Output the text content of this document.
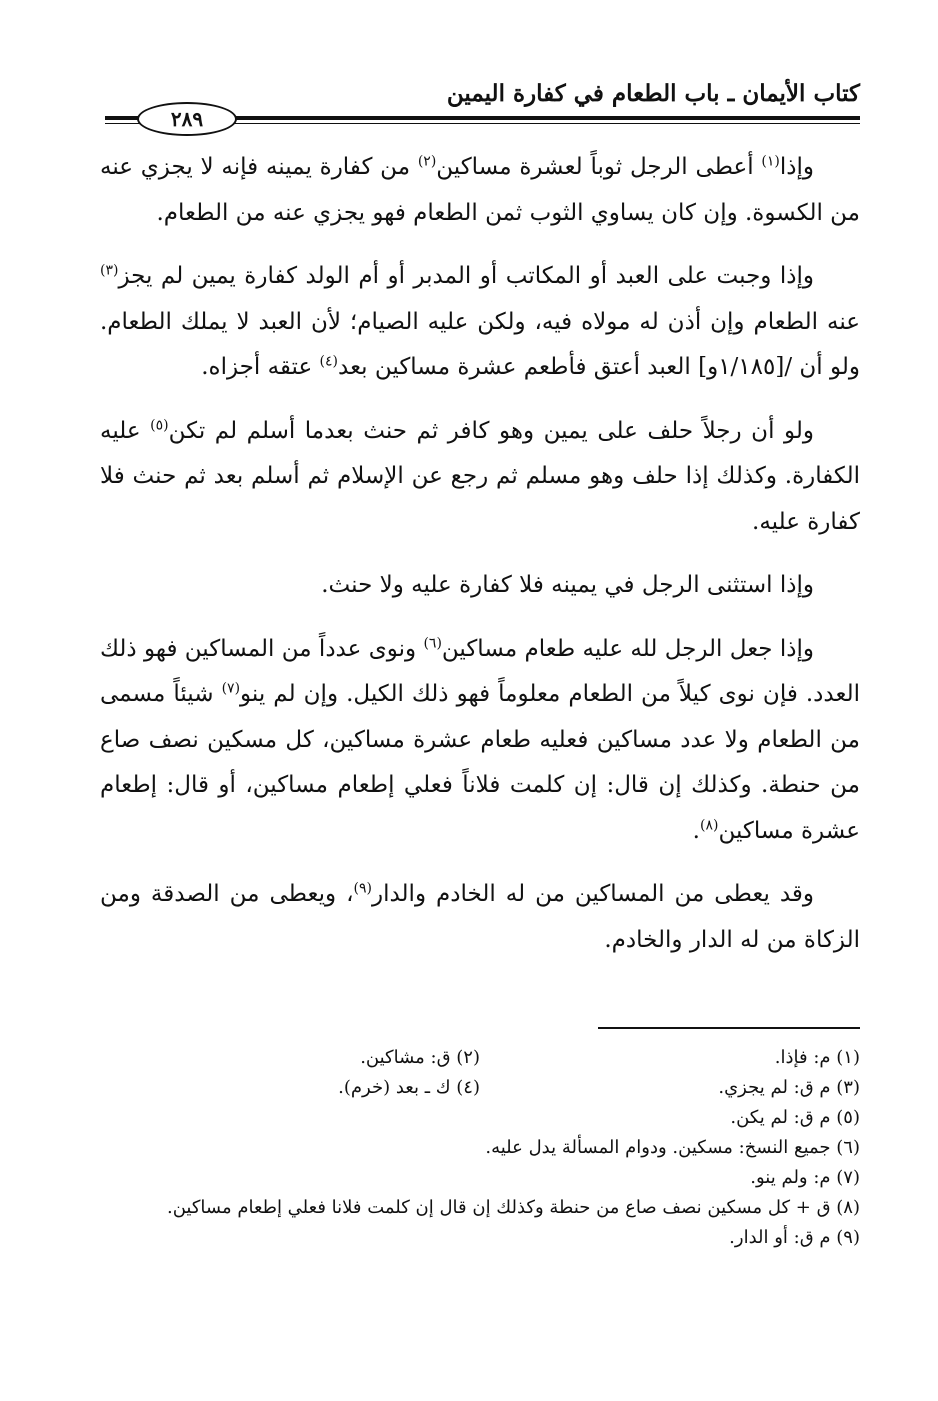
كتاب الأيمان ـ باب الطعام في كفارة اليمين
٢٨٩

وإذا$^{(١)}$ أعطى الرجل ثوباً لعشرة مساكين$^{(٢)}$ من كفارة يمينه فإنه لا يجزي عنه من الكسوة. وإن كان يساوي الثوب ثمن الطعام فهو يجزي عنه من الطعام.

وإذا وجبت على العبد أو المكاتب أو المدبر أو أم الولد كفارة يمين لم يجز$^{(٣)}$ عنه الطعام وإن أذن له مولاه فيه، ولكن عليه الصيام؛ لأن العبد لا يملك الطعام. ولو أن /[١/١٨٥و] العبد أعتق فأطعم عشرة مساكين بعد$^{(٤)}$ عتقه أجزاه.

ولو أن رجلاً حلف على يمين وهو كافر ثم حنث بعدما أسلم لم تكن$^{(٥)}$ عليه الكفارة. وكذلك إذا حلف وهو مسلم ثم رجع عن الإسلام ثم أسلم بعد ثم حنث فلا كفارة عليه.

وإذا استثنى الرجل في يمينه فلا كفارة عليه ولا حنث.

وإذا جعل الرجل لله عليه طعام مساكين$^{(٦)}$ ونوى عدداً من المساكين فهو ذلك العدد. فإن نوى كيلاً من الطعام معلوماً فهو ذلك الكيل. وإن لم ينو$^{(٧)}$ شيئاً مسمى من الطعام ولا عدد مساكين فعليه طعام عشرة مساكين، كل مسكين نصف صاع من حنطة. وكذلك إن قال: إن كلمت فلاناً فعلي إطعام مساكين، أو قال: إطعام عشرة مساكين$^{(٨)}$.

وقد يعطى من المساكين من له الخادم والدار$^{(٩)}$، ويعطى من الصدقة ومن الزكاة من له الدار والخادم.

(١) م: فإذا.
(٢) ق: مشاكين.
(٣) م ق: لم يجزي.
(٤) ك ـ بعد (خرم).
(٥) م ق: لم يكن.
(٦) جميع النسخ: مسكين. ودوام المسألة يدل عليه.
(٧) م: ولم ينو.
(٨) ق + كل مسكين نصف صاع من حنطة وكذلك إن قال إن كلمت فلانا فعلي إطعام مساكين.
(٩) م ق: أو الدار.
